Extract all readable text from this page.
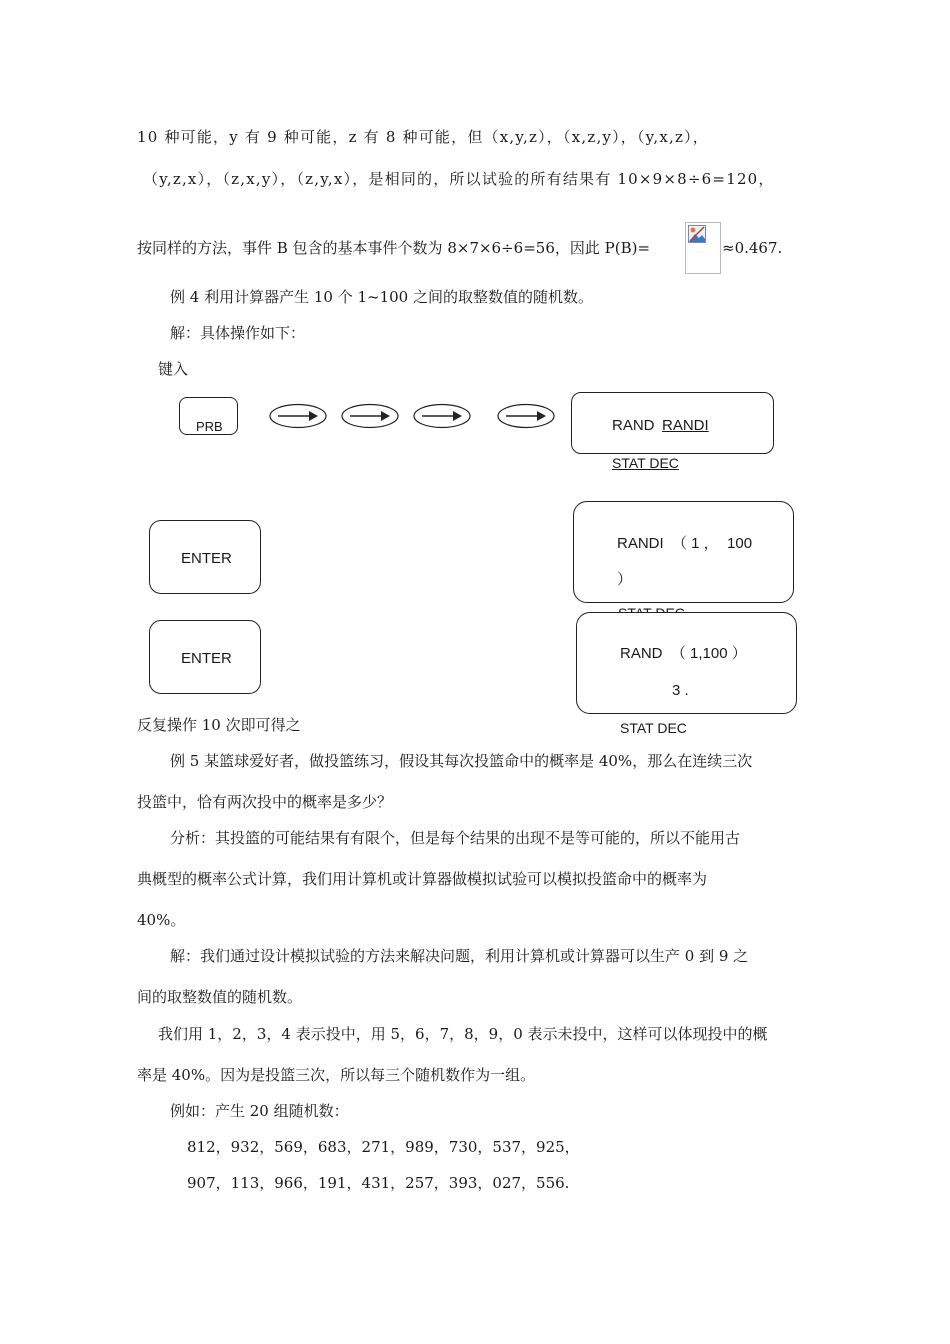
10 种可能，y 有 9 种可能，z 有 8 种可能，但（x,y,z），（x,z,y），（y,x,z），
（y,z,x），（z,x,y），（z,y,x），是相同的，所以试验的所有结果有 10×9×8÷6=120，
按同样的方法，事件 B 包含的基本事件个数为 8×7×6÷6=56，因此 P(B)=	≈0.467.
例 4 利用计算器产生 10 个 1~100 之间的取整数值的随机数。
解：具体操作如下：
键入
PRB	RAND RANDI
STAT DEC
ENTER
RANDI  （ 1 ，  100
）
ENTER	RAND  （ 1,100 ）
3 .
STAT DEC
反复操作 10 次即可得之
例 5 某篮球爱好者，做投篮练习，假设其每次投篮命中的概率是 40%，那么在连续三次
投篮中，恰有两次投中的概率是多少？
分析：其投篮的可能结果有有限个，但是每个结果的出现不是等可能的，所以不能用古
典概型的概率公式计算，我们用计算机或计算器做模拟试验可以模拟投篮命中的概率为
40%。
解：我们通过设计模拟试验的方法来解决问题，利用计算机或计算器可以生产 0 到 9 之
间的取整数值的随机数。
我们用 1，2，3，4 表示投中，用 5，6，7，8，9，0 表示未投中，这样可以体现投中的概
率是 40%。因为是投篮三次，所以每三个随机数作为一组。
例如：产生 20 组随机数：
812，932，569，683，271，989，730，537，925，
907，113，966，191，431，257，393，027，556.
